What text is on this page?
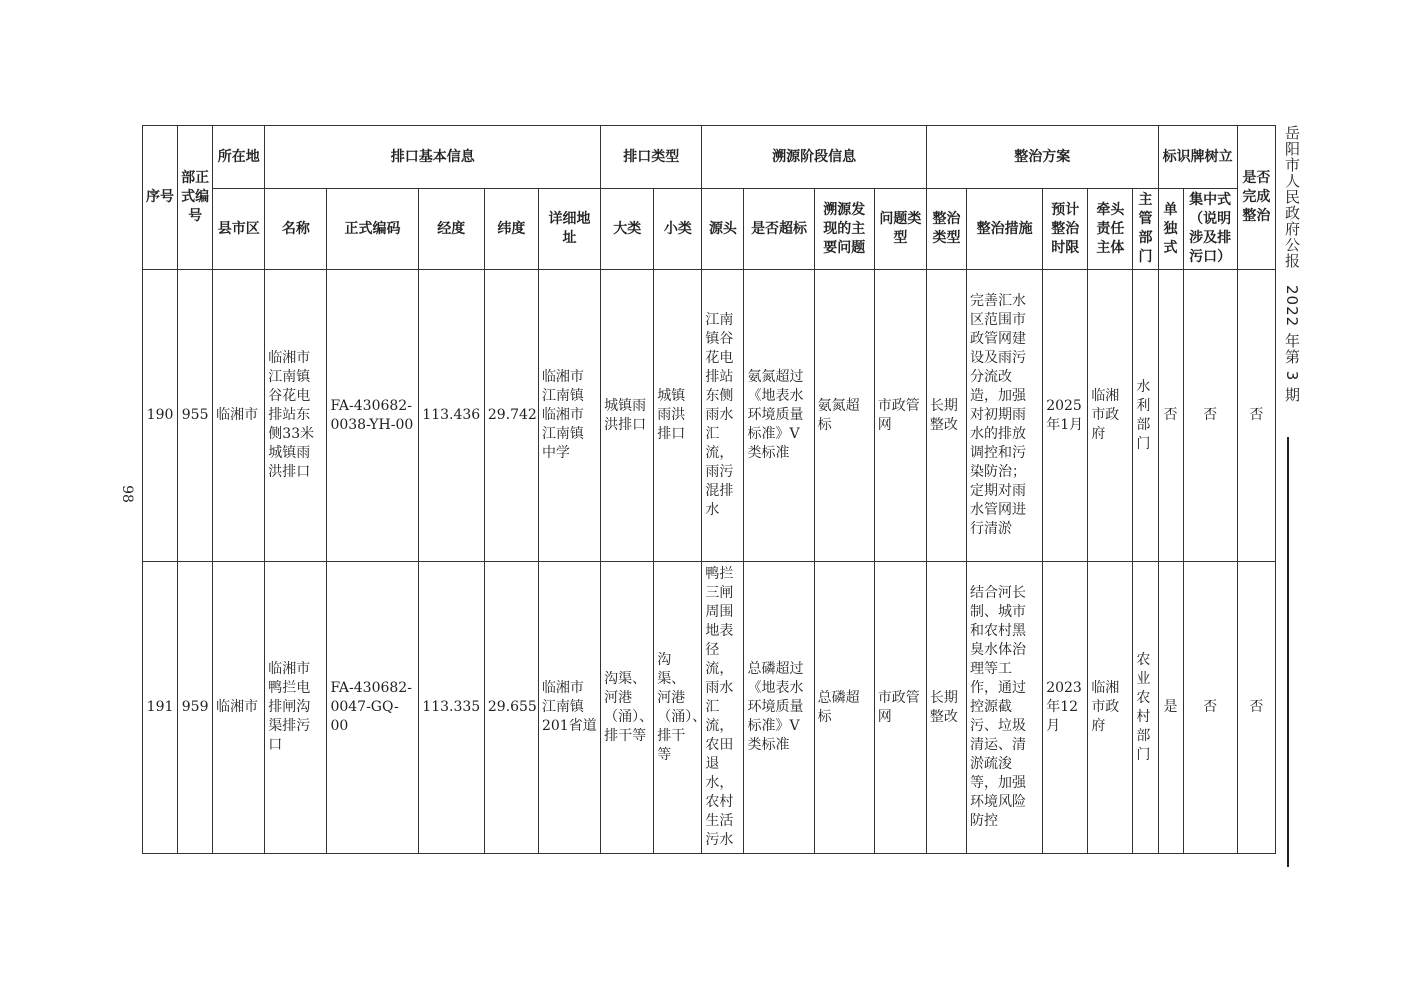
序号	部正式编号	所在地	排口基本信息					排口类型		溯源阶段信息				整治方案					标识牌树立		是否完成整治
		县市区	名称	正式编码	经度	纬度	详细地址	大类	小类	源头	是否超标	溯源发现的主要问题	问题类型	整治类型	整治措施	预计整治时限	牵头责任主体	主管部门	单独式	集中式（说明涉及排污口）	
190	955	临湘市	临湘市江南镇谷花电排站东侧33米城镇雨洪排口	FA-430682-0038-YH-00	113.436	29.742	临湘市江南镇临湘市江南镇中学	城镇雨洪排口	城镇雨洪排口	江南镇谷花电排站东侧雨水汇流，雨污混排水	氨氮超过《地表水环境质量标准》V类标准	氨氮超标	市政管网	长期整改	完善汇水区范围市政管网建设及雨污分流改造，加强对初期雨水的排放调控和污染防治；定期对雨水管网进行清淤	2025年1月	临湘市政府	水利部门	否	否	否
191	959	临湘市	临湘市鸭拦电排闸沟渠排污口	FA-430682-0047-GQ-00	113.335	29.655	临湘市江南镇201省道	沟渠、河港（涌）、排干等	沟渠、河港（涌）、排干等	鸭拦三闸周围地表径流，雨水汇流，农田退水，农村生活污水	总磷超过《地表水环境质量标准》V类标准	总磷超标	市政管网	长期整改	结合河长制、城市和农村黑臭水体治理等工作，通过控源截污、垃圾清运、清淤疏浚等，加强环境风险防控	2023年12月	临湘市政府	农业农村部门	是	否	否
岳阳市人民政府公报　2022 年第 3 期
98
